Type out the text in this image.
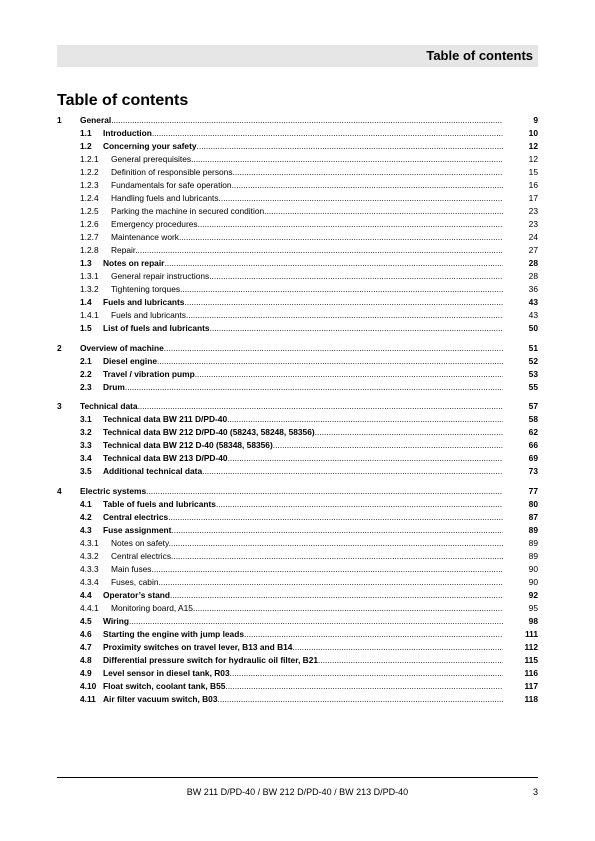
Table of contents
Table of contents
1 General .....	9
1.1 Introduction .....	10
1.2 Concerning your safety .....	12
1.2.1 General prerequisites .....	12
1.2.2 Definition of responsible persons .....	15
1.2.3 Fundamentals for safe operation .....	16
1.2.4 Handling fuels and lubricants .....	17
1.2.5 Parking the machine in secured condition .....	23
1.2.6 Emergency procedures .....	23
1.2.7 Maintenance work .....	24
1.2.8 Repair .....	27
1.3 Notes on repair .....	28
1.3.1 General repair instructions .....	28
1.3.2 Tightening torques .....	36
1.4 Fuels and lubricants .....	43
1.4.1 Fuels and lubricants .....	43
1.5 List of fuels and lubricants .....	50
2 Overview of machine .....	51
2.1 Diesel engine .....	52
2.2 Travel / vibration pump .....	53
2.3 Drum .....	55
3 Technical data .....	57
3.1 Technical data BW 211 D/PD-40 .....	58
3.2 Technical data BW 212 D/PD-40 (58243, 58248, 58356) .....	62
3.3 Technical data BW 212 D-40 (58348, 58356) .....	66
3.4 Technical data BW 213 D/PD-40 .....	69
3.5 Additional technical data .....	73
4 Electric systems .....	77
4.1 Table of fuels and lubricants .....	80
4.2 Central electrics .....	87
4.3 Fuse assignment .....	89
4.3.1 Notes on safety .....	89
4.3.2 Central electrics .....	89
4.3.3 Main fuses .....	90
4.3.4 Fuses, cabin .....	90
4.4 Operator’s stand .....	92
4.4.1 Monitoring board, A15 .....	95
4.5 Wiring .....	98
4.6 Starting the engine with jump leads .....	111
4.7 Proximity switches on travel lever, B13 and B14 .....	112
4.8 Differential pressure switch for hydraulic oil filter, B21 .....	115
4.9 Level sensor in diesel tank, R03 .....	116
4.10 Float switch, coolant tank, B55 .....	117
4.11 Air filter vacuum switch, B03 .....	118
BW 211 D/PD-40 / BW 212 D/PD-40 / BW 213 D/PD-40	3
